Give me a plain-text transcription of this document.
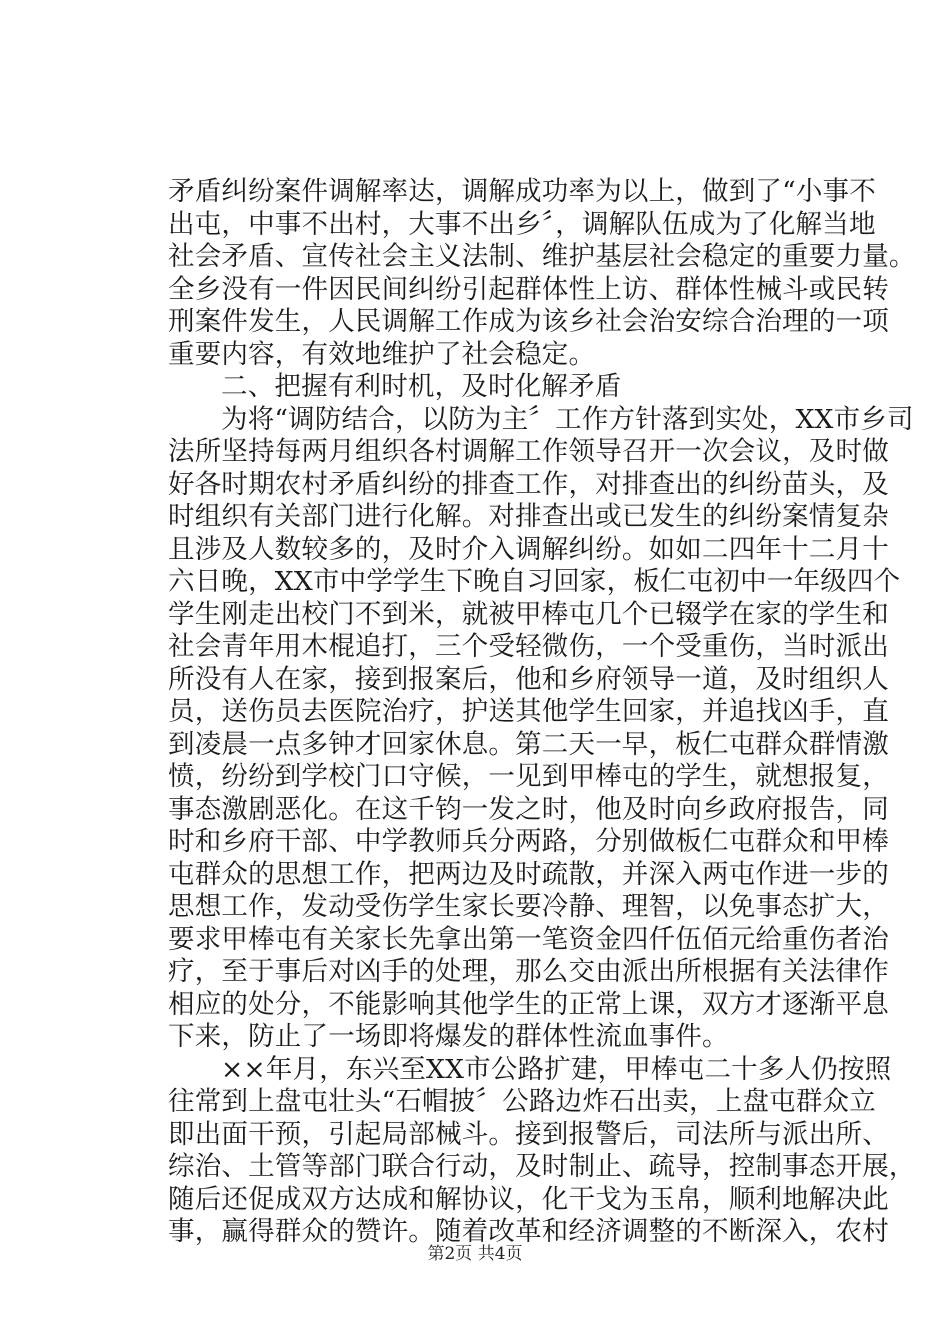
矛盾纠纷案件调解率达，调解成功率为以上，做到了“小事不
出屯，中事不出村，大事不出乡〞，调解队伍成为了化解当地
社会矛盾、宣传社会主义法制、维护基层社会稳定的重要力量。
全乡没有一件因民间纠纷引起群体性上访、群体性械斗或民转
刑案件发生，人民调解工作成为该乡社会治安综合治理的一项
重要内容，有效地维护了社会稳定。
二、把握有利时机，及时化解矛盾
为将“调防结合，以防为主〞工作方针落到实处，XX市乡司
法所坚持每两月组织各村调解工作领导召开一次会议，及时做
好各时期农村矛盾纠纷的排查工作，对排查出的纠纷苗头，及
时组织有关部门进行化解。对排查出或已发生的纠纷案情复杂
且涉及人数较多的，及时介入调解纠纷。如如二四年十二月十
六日晚，XX市中学学生下晚自习回家，板仁屯初中一年级四个
学生刚走出校门不到米，就被甲棒屯几个已辍学在家的学生和
社会青年用木棍追打，三个受轻微伤，一个受重伤，当时派出
所没有人在家，接到报案后，他和乡府领导一道，及时组织人
员，送伤员去医院治疗，护送其他学生回家，并追找凶手，直
到凌晨一点多钟才回家休息。第二天一早，板仁屯群众群情激
愤，纷纷到学校门口守候，一见到甲棒屯的学生，就想报复，
事态激剧恶化。在这千钧一发之时，他及时向乡政府报告，同
时和乡府干部、中学教师兵分两路，分别做板仁屯群众和甲棒
屯群众的思想工作，把两边及时疏散，并深入两屯作进一步的
思想工作，发动受伤学生家长要冷静、理智，以免事态扩大，
要求甲棒屯有关家长先拿出第一笔资金四仟伍佰元给重伤者治
疗，至于事后对凶手的处理，那么交由派出所根据有关法律作
相应的处分，不能影响其他学生的正常上课，双方才逐渐平息
下来，防止了一场即将爆发的群体性流血事件。
××年月，东兴至XX市公路扩建，甲棒屯二十多人仍按照
往常到上盘屯壮头“石帽披〞公路边炸石出卖，上盘屯群众立
即出面干预，引起局部械斗。接到报警后，司法所与派出所、
综治、土管等部门联合行动，及时制止、疏导，控制事态开展，
随后还促成双方达成和解协议，化干戈为玉帛，顺利地解决此
事，赢得群众的赞许。随着改革和经济调整的不断深入，农村
第2页 共4页
